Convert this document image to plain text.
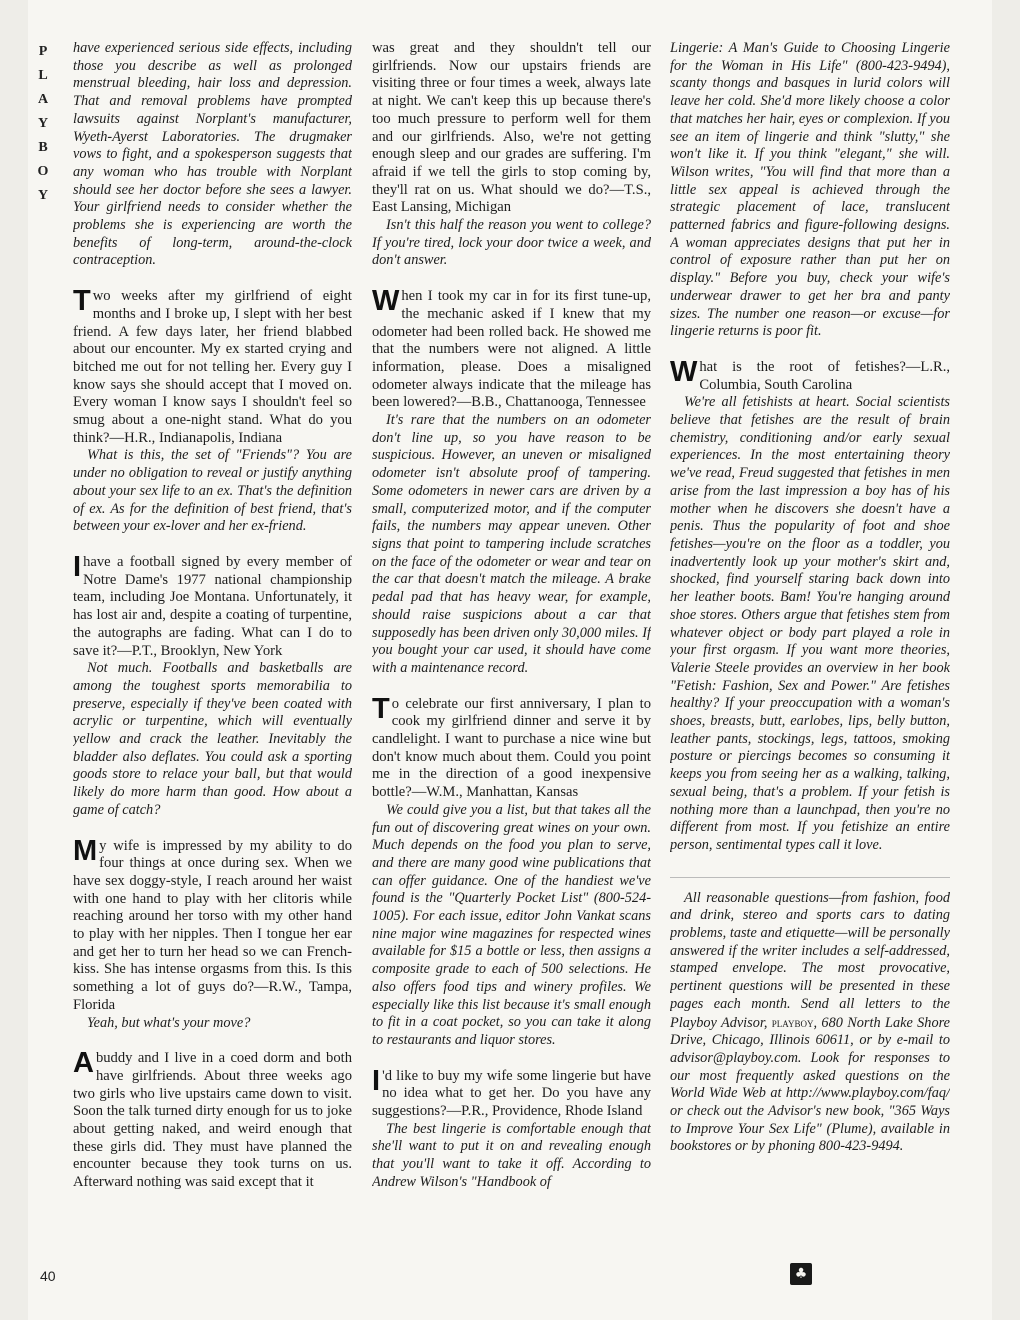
P
L
A
Y
B
O
Y

have experienced serious side effects, including those you describe as well as prolonged menstrual bleeding, hair loss and depression. That and removal problems have prompted lawsuits against Norplant's manufacturer, Wyeth-Ayerst Laboratories. The drugmaker vows to fight, and a spokesperson suggests that any woman who has trouble with Norplant should see her doctor before she sees a lawyer. Your girlfriend needs to consider whether the problems she is experiencing are worth the benefits of long-term, around-the-clock contraception.

Two weeks after my girlfriend of eight months and I broke up, I slept with her best friend. A few days later, her friend blabbed about our encounter. My ex started crying and bitched me out for not telling her. Every guy I know says she should accept that I moved on. Every woman I know says I shouldn't feel so smug about a one-night stand. What do you think?—H.R., Indianapolis, Indiana

What is this, the set of "Friends"? You are under no obligation to reveal or justify anything about your sex life to an ex. That's the definition of ex. As for the definition of best friend, that's between your ex-lover and her ex-friend.

I have a football signed by every member of Notre Dame's 1977 national championship team, including Joe Montana. Unfortunately, it has lost air and, despite a coating of turpentine, the autographs are fading. What can I do to save it?—P.T., Brooklyn, New York

Not much. Footballs and basketballs are among the toughest sports memorabilia to preserve, especially if they've been coated with acrylic or turpentine, which will eventually yellow and crack the leather. Inevitably the bladder also deflates. You could ask a sporting goods store to relace your ball, but that would likely do more harm than good. How about a game of catch?

My wife is impressed by my ability to do four things at once during sex. When we have sex doggy-style, I reach around her waist with one hand to play with her clitoris while reaching around her torso with my other hand to play with her nipples. Then I tongue her ear and get her to turn her head so we can French-kiss. She has intense orgasms from this. Is this something a lot of guys do?—R.W., Tampa, Florida

Yeah, but what's your move?

A buddy and I live in a coed dorm and both have girlfriends. About three weeks ago two girls who live upstairs came down to visit. Soon the talk turned dirty enough for us to joke about getting naked, and weird enough that these girls did. They must have planned the encounter because they took turns on us. Afterward nothing was said except that it

was great and they shouldn't tell our girlfriends. Now our upstairs friends are visiting three or four times a week, always late at night. We can't keep this up because there's too much pressure to perform well for them and our girlfriends. Also, we're not getting enough sleep and our grades are suffering. I'm afraid if we tell the girls to stop coming by, they'll rat on us. What should we do?—T.S., East Lansing, Michigan

Isn't this half the reason you went to college? If you're tired, lock your door twice a week, and don't answer.

When I took my car in for its first tune-up, the mechanic asked if I knew that my odometer had been rolled back. He showed me that the numbers were not aligned. A little information, please. Does a misaligned odometer always indicate that the mileage has been lowered?—B.B., Chattanooga, Tennessee

It's rare that the numbers on an odometer don't line up, so you have reason to be suspicious. However, an uneven or misaligned odometer isn't absolute proof of tampering. Some odometers in newer cars are driven by a small, computerized motor, and if the computer fails, the numbers may appear uneven. Other signs that point to tampering include scratches on the face of the odometer or wear and tear on the car that doesn't match the mileage. A brake pedal pad that has heavy wear, for example, should raise suspicions about a car that supposedly has been driven only 30,000 miles. If you bought your car used, it should have come with a maintenance record.

To celebrate our first anniversary, I plan to cook my girlfriend dinner and serve it by candlelight. I want to purchase a nice wine but don't know much about them. Could you point me in the direction of a good inexpensive bottle?—W.M., Manhattan, Kansas

We could give you a list, but that takes all the fun out of discovering great wines on your own. Much depends on the food you plan to serve, and there are many good wine publications that can offer guidance. One of the handiest we've found is the "Quarterly Pocket List" (800-524-1005). For each issue, editor John Vankat scans nine major wine magazines for respected wines available for $15 a bottle or less, then assigns a composite grade to each of 500 selections. He also offers food tips and winery profiles. We especially like this list because it's small enough to fit in a coat pocket, so you can take it along to restaurants and liquor stores.

I 'd like to buy my wife some lingerie but have no idea what to get her. Do you have any suggestions?—P.R., Providence, Rhode Island

The best lingerie is comfortable enough that she'll want to put it on and revealing enough that you'll want to take it off. According to Andrew Wilson's "Handbook of

Lingerie: A Man's Guide to Choosing Lingerie for the Woman in His Life" (800-423-9494), scanty thongs and basques in lurid colors will leave her cold. She'd more likely choose a color that matches her hair, eyes or complexion. If you see an item of lingerie and think "slutty," she won't like it. If you think "elegant," she will. Wilson writes, "You will find that more than a little sex appeal is achieved through the strategic placement of lace, translucent patterned fabrics and figure-following designs. A woman appreciates designs that put her in control of exposure rather than put her on display." Before you buy, check your wife's underwear drawer to get her bra and panty sizes. The number one reason—or excuse—for lingerie returns is poor fit.

What is the root of fetishes?—L.R., Columbia, South Carolina

We're all fetishists at heart. Social scientists believe that fetishes are the result of brain chemistry, conditioning and/or early sexual experiences. In the most entertaining theory we've read, Freud suggested that fetishes in men arise from the last impression a boy has of his mother when he discovers she doesn't have a penis. Thus the popularity of foot and shoe fetishes—you're on the floor as a toddler, you inadvertently look up your mother's skirt and, shocked, find yourself staring back down into her leather boots. Bam! You're hanging around shoe stores. Others argue that fetishes stem from whatever object or body part played a role in your first orgasm. If you want more theories, Valerie Steele provides an overview in her book "Fetish: Fashion, Sex and Power." Are fetishes healthy? If your preoccupation with a woman's shoes, breasts, butt, earlobes, lips, belly button, leather pants, stockings, legs, tattoos, smoking posture or piercings becomes so consuming it keeps you from seeing her as a walking, talking, sexual being, that's a problem. If your fetish is nothing more than a launchpad, then you're no different from most. If you fetishize an entire person, sentimental types call it love.

All reasonable questions—from fashion, food and drink, stereo and sports cars to dating problems, taste and etiquette—will be personally answered if the writer includes a self-addressed, stamped envelope. The most provocative, pertinent questions will be presented in these pages each month. Send all letters to the Playboy Advisor, playboy, 680 North Lake Shore Drive, Chicago, Illinois 60611, or by e-mail to advisor@playboy.com. Look for responses to our most frequently asked questions on the World Wide Web at http://www.playboy.com/faq/ or check out the Advisor's new book, "365 Ways to Improve Your Sex Life" (Plume), available in bookstores or by phoning 800-423-9494.

40	♣
